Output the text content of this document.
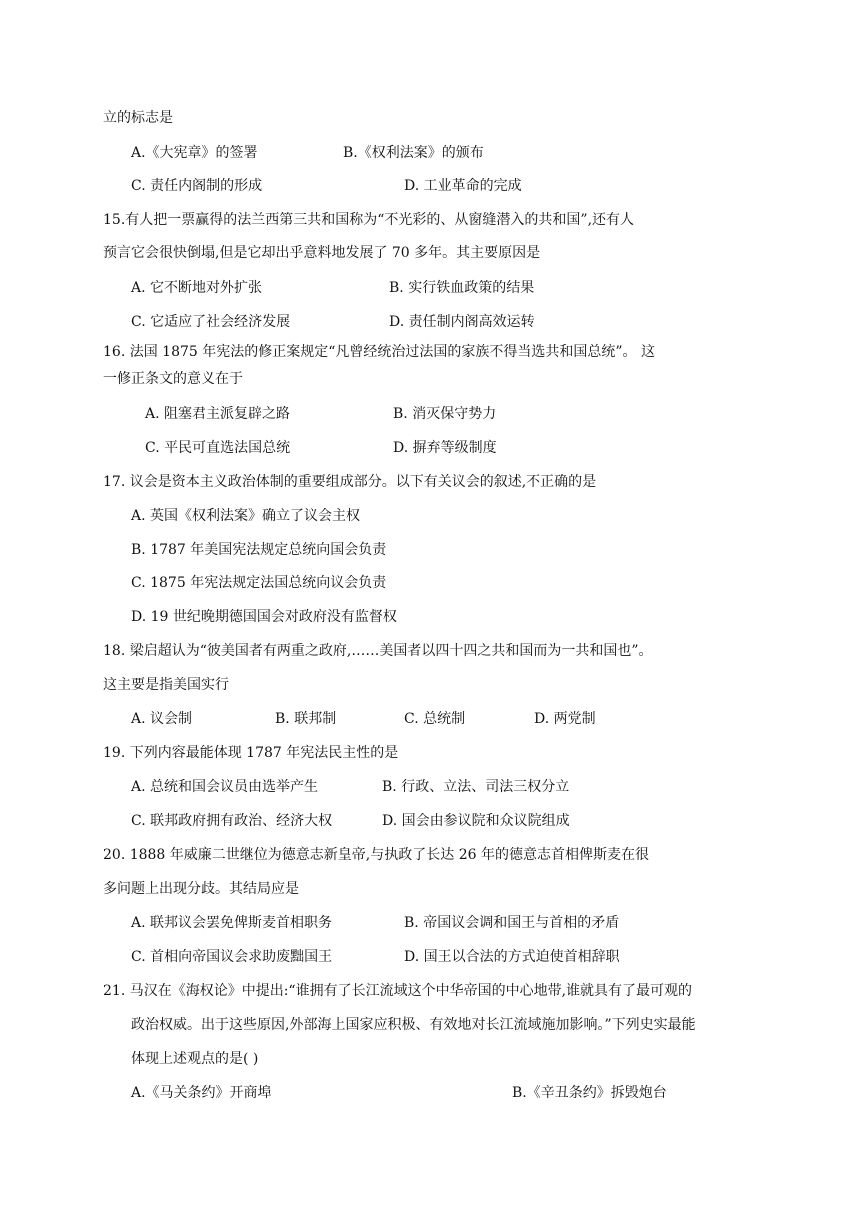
立的标志是
A.《大宪章》的签署	B.《权利法案》的颁布
C. 责任内阁制的形成	D. 工业革命的完成
15.有人把一票赢得的法兰西第三共和国称为“不光彩的、从窗缝潜入的共和国”,还有人
预言它会很快倒塌,但是它却出乎意料地发展了 70 多年。其主要原因是
A. 它不断地对外扩张	B. 实行铁血政策的结果
C. 它适应了社会经济发展	D. 责任制内阁高效运转
16. 法国 1875 年宪法的修正案规定“凡曾经统治过法国的家族不得当选共和国总统”。 这
一修正条文的意义在于
A. 阻塞君主派复辟之路	B. 消灭保守势力
C. 平民可直选法国总统	D. 摒弃等级制度
17. 议会是资本主义政治体制的重要组成部分。以下有关议会的叙述,不正确的是
A. 英国《权利法案》确立了议会主权
B. 1787 年美国宪法规定总统向国会负责
C. 1875 年宪法规定法国总统向议会负责
D. 19 世纪晚期德国国会对政府没有监督权
18. 梁启超认为“彼美国者有两重之政府,……美国者以四十四之共和国而为一共和国也”。
这主要是指美国实行
A. 议会制	B. 联邦制	C. 总统制	D. 两党制
19. 下列内容最能体现 1787 年宪法民主性的是
A. 总统和国会议员由选举产生	B. 行政、立法、司法三权分立
C. 联邦政府拥有政治、经济大权	D. 国会由参议院和众议院组成
20. 1888 年威廉二世继位为德意志新皇帝,与执政了长达 26 年的德意志首相俾斯麦在很
多问题上出现分歧。其结局应是
A. 联邦议会罢免俾斯麦首相职务	B. 帝国议会调和国王与首相的矛盾
C. 首相向帝国议会求助废黜国王	D. 国王以合法的方式迫使首相辞职
21. 马汉在《海权论》中提出:“谁拥有了长江流域这个中华帝国的中心地带,谁就具有了最可观的
政治权威。出于这些原因,外部海上国家应积极、有效地对长江流域施加影响。”下列史实最能
体现上述观点的是( )
A.《马关条约》开商埠	B.《辛丑条约》拆毁炮台
